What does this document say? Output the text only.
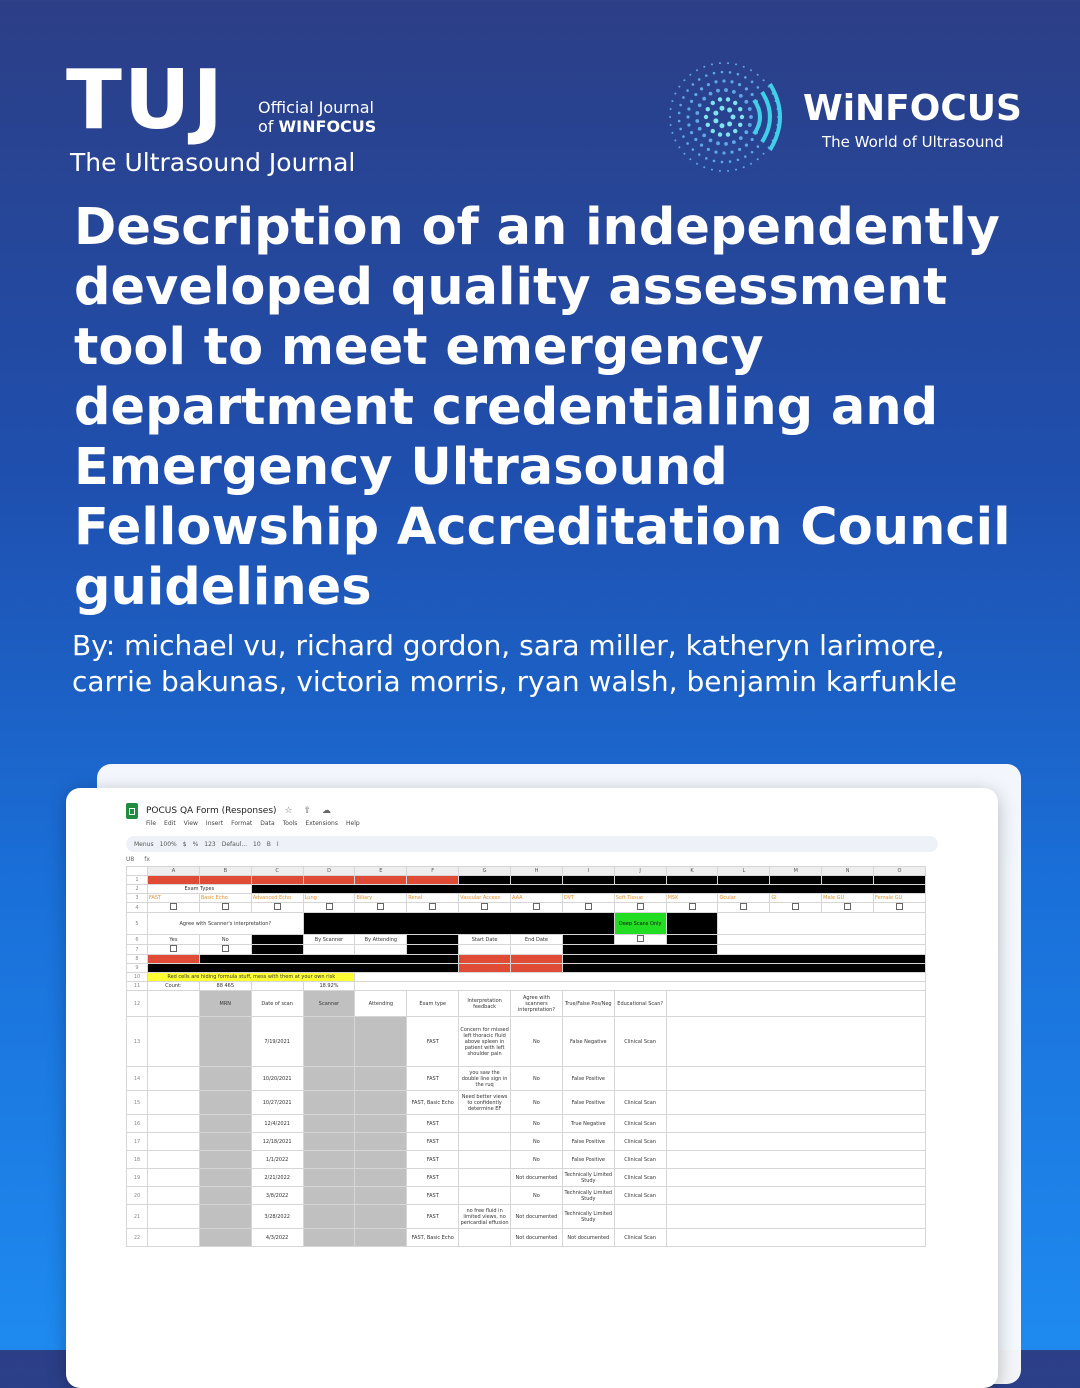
TUJ Official Journal
of WINFOCUS
The Ultrasound Journal
WiNFOCUS
The World of Ultrasound
Description of an independently developed quality assessment tool to meet emergency department credentialing and Emergency Ultrasound Fellowship Accreditation Council guidelines
By: michael vu, richard gordon, sara miller, katheryn larimore,
carrie bakunas, victoria morris, ryan walsh, benjamin karfunkle
POCUS QA Form (Responses) ☆ ⇪ ☁
File Edit View Insert Format Data Tools Extensions Help
Menus 100% $ % 123 Defaul... 10 B I
U8 fx
	A	B	C	D	E	F	G	H	I	J	K	L	M	N	O
1															
2	Exam Types														
3	FAST	Basic Echo	Advanced Echo	Lung	Biliary	Renal	Vascular Access	AAA	DVT	Soft Tissue	MSK	Ocular	GI	Male GU	Female GU
4															
5	Agree with Scanner's interpretation?									Deep Scans Only					
6	Yes	No		By Scanner	By Attending		Start Date	End Date							
7															
8															
9															
10	Red cells are hiding formula stuff, mess with them at your own risk														
11	Count:	88 465		18.92%											
12		MRN	Date of scan	Scanner	Attending	Exam type	Interpretation feedback	Agree with scanners interpretation?	True/False Pos/Neg	Educational Scan?					
13			7/19/2021			FAST	Concern for missed left thoracic fluid above spleen in patient with left shoulder pain	No	False Negative	Clinical Scan					
14			10/20/2021			FAST	you saw the double line sign in the ruq	No	False Positive						
15			10/27/2021			FAST, Basic Echo	Need better views to confidently determine EF	No	False Positive	Clinical Scan					
16			12/4/2021			FAST		No	True Negative	Clinical Scan					
17			12/18/2021			FAST		No	False Positive	Clinical Scan					
18			1/1/2022			FAST		No	False Positive	Clinical Scan					
19			2/21/2022			FAST		Not documented	Technically Limited Study	Clinical Scan					
20			3/8/2022			FAST		No	Technically Limited Study	Clinical Scan					
21			3/28/2022			FAST	no free fluid in limited views, no pericardial effusion	Not documented	Technically Limited Study						
22			4/3/2022			FAST, Basic Echo		Not documented	Not documented	Clinical Scan					
